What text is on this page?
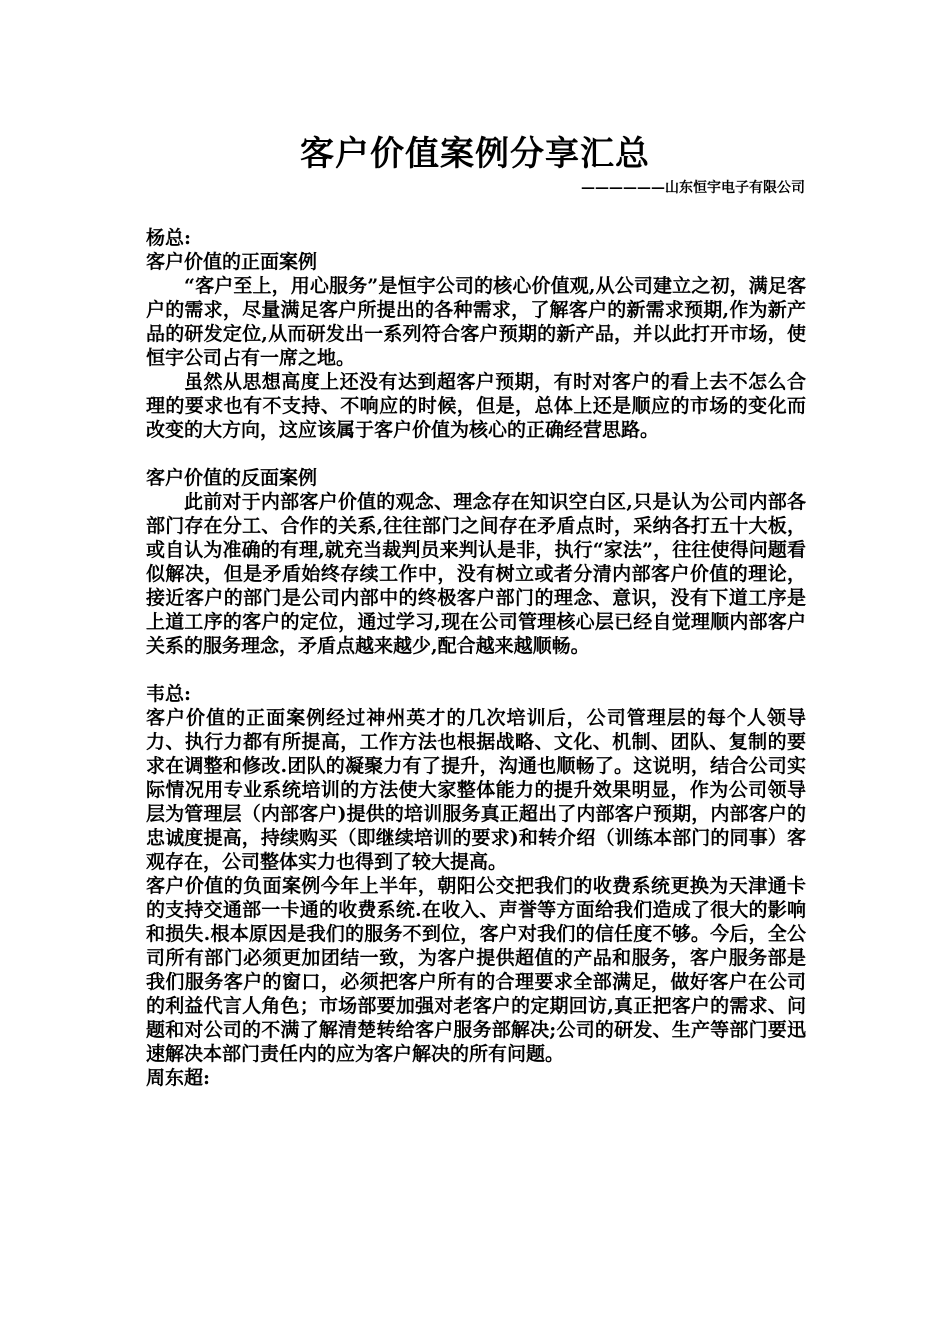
客户价值案例分享汇总
——————山东恒宇电子有限公司

杨总:

客户价值的正面案例

“客户至上，用心服务”是恒宇公司的核心价值观,从公司建立之初，满足客户的需求，尽量满足客户所提出的各种需求，了解客户的新需求预期,作为新产品的研发定位,从而研发出一系列符合客户预期的新产品，并以此打开市场，使恒宇公司占有一席之地。

虽然从思想高度上还没有达到超客户预期，有时对客户的看上去不怎么合理的要求也有不支持、不响应的时候，但是，总体上还是顺应的市场的变化而改变的大方向，这应该属于客户价值为核心的正确经营思路。

客户价值的反面案例

此前对于内部客户价值的观念、理念存在知识空白区,只是认为公司内部各部门存在分工、合作的关系,往往部门之间存在矛盾点时，采纳各打五十大板，或自认为准确的有理,就充当裁判员来判认是非，执行“家法”，往往使得问题看似解决，但是矛盾始终存续工作中，没有树立或者分清内部客户价值的理论，接近客户的部门是公司内部中的终极客户部门的理念、意识，没有下道工序是上道工序的客户的定位，通过学习,现在公司管理核心层已经自觉理顺内部客户关系的服务理念，矛盾点越来越少,配合越来越顺畅。

韦总:

客户价值的正面案例经过神州英才的几次培训后，公司管理层的每个人领导力、执行力都有所提高，工作方法也根据战略、文化、机制、团队、复制的要求在调整和修改.团队的凝聚力有了提升，沟通也顺畅了。这说明，结合公司实际情况用专业系统培训的方法使大家整体能力的提升效果明显，作为公司领导层为管理层（内部客户)提供的培训服务真正超出了内部客户预期，内部客户的忠诚度提高，持续购买（即继续培训的要求)和转介绍（训练本部门的同事）客观存在，公司整体实力也得到了较大提高。

客户价值的负面案例今年上半年，朝阳公交把我们的收费系统更换为天津通卡的支持交通部一卡通的收费系统.在收入、声誉等方面给我们造成了很大的影响和损失.根本原因是我们的服务不到位，客户对我们的信任度不够。今后，全公司所有部门必须更加团结一致，为客户提供超值的产品和服务，客户服务部是我们服务客户的窗口，必须把客户所有的合理要求全部满足，做好客户在公司的利益代言人角色；市场部要加强对老客户的定期回访,真正把客户的需求、问题和对公司的不满了解清楚转给客户服务部解决;公司的研发、生产等部门要迅速解决本部门责任内的应为客户解决的所有问题。

周东超:
